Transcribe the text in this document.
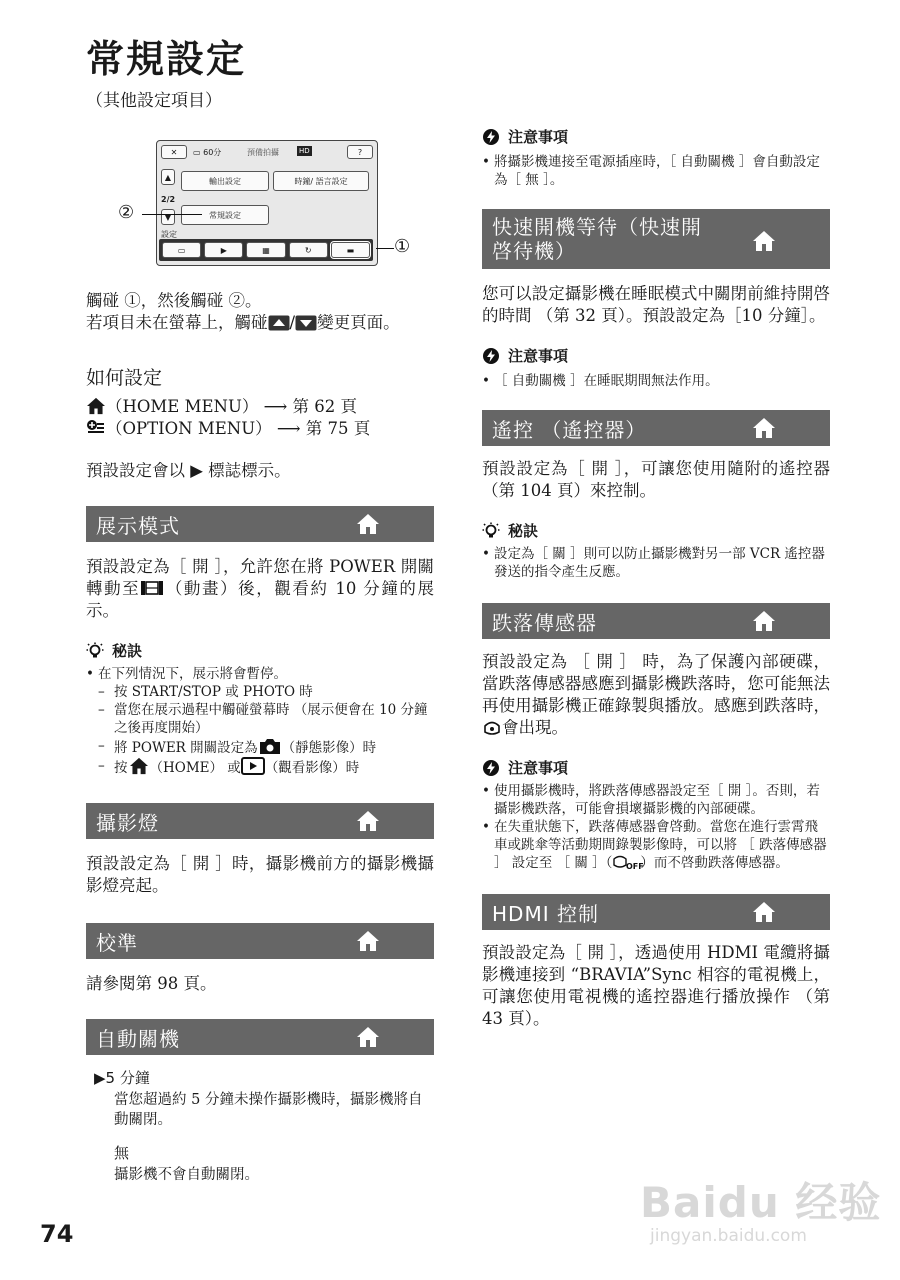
常規設定
（其他設定項目）
✕	▭ 60分	預備拍攝	HD	?
▲	輸出設定	時鐘/ 語言設定
2/2
常規設定
▼
設定
▭	▶	▦	↻	▬
②
①

觸碰 ①，然後觸碰 ②。

若項目未在螢幕上，觸碰 / 變更頁面。

如何設定
（HOME MENU） ⟶ 第 62 頁
（OPTION MENU） ⟶ 第 75 頁

預設設定會以 ▶ 標誌標示。

展示模式

預設設定為［ 開 ］，允許您在將 POWER 開關轉動至 （動畫）後，觀看約 10 分鐘的展示。

秘訣
• 在下列情況下，展示將會暫停。
– 按 START/STOP 或 PHOTO 時
– 當您在展示過程中觸碰螢幕時 （展示便會在 10 分鐘之後再度開始）
– 將 POWER 開關設定為 （靜態影像）時
– 按 （HOME） 或 （觀看影像）時
攝影燈

預設設定為［ 開 ］時，攝影機前方的攝影機攝影燈亮起。

校準

請參閱第 98 頁。

自動關機
▶5 分鐘
當您超過約 5 分鐘未操作攝影機時，攝影機將自動關閉。
無
攝影機不會自動關閉。
注意事項
• 將攝影機連接至電源插座時，［ 自動關機 ］會自動設定為［ 無 ］。
快速開機等待（快速開
啓待機）

您可以設定攝影機在睡眠模式中關閉前維持開啓的時間 （第 32 頁）。預設設定為［10 分鐘］。

注意事項
• ［ 自動關機 ］在睡眠期間無法作用。
遙控 （遙控器）

預設設定為［ 開 ］，可讓您使用隨附的遙控器 （第 104 頁）來控制。

秘訣
• 設定為［ 關 ］則可以防止攝影機對另一部 VCR 遙控器發送的指令產生反應。
跌落傳感器

預設設定為 ［ 開 ］ 時，為了保護內部硬碟，當跌落傳感器感應到攝影機跌落時，您可能無法再使用攝影機正確錄製與播放。感應到跌落時，會出現。

注意事項
• 使用攝影機時，將跌落傳感器設定至［ 開 ］。否則，若攝影機跌落，可能會損壞攝影機的內部硬碟。
• 在失重狀態下，跌落傳感器會啓動。當您在進行雲霄飛車或跳傘等活動期間錄製影像時，可以將 ［ 跌落傳感器 ］ 設定至 ［ 關 ］（ OFF
）而不啓動跌落傳感器。
HDMI 控制

預設設定為［ 開 ］，透過使用 HDMI 電纜將攝影機連接到 “BRAVIA”Sync 相容的電視機上，可讓您使用電視機的遙控器進行播放操作 （第 43 頁）。

74
Baidu 经验
jingyan.baidu.com
